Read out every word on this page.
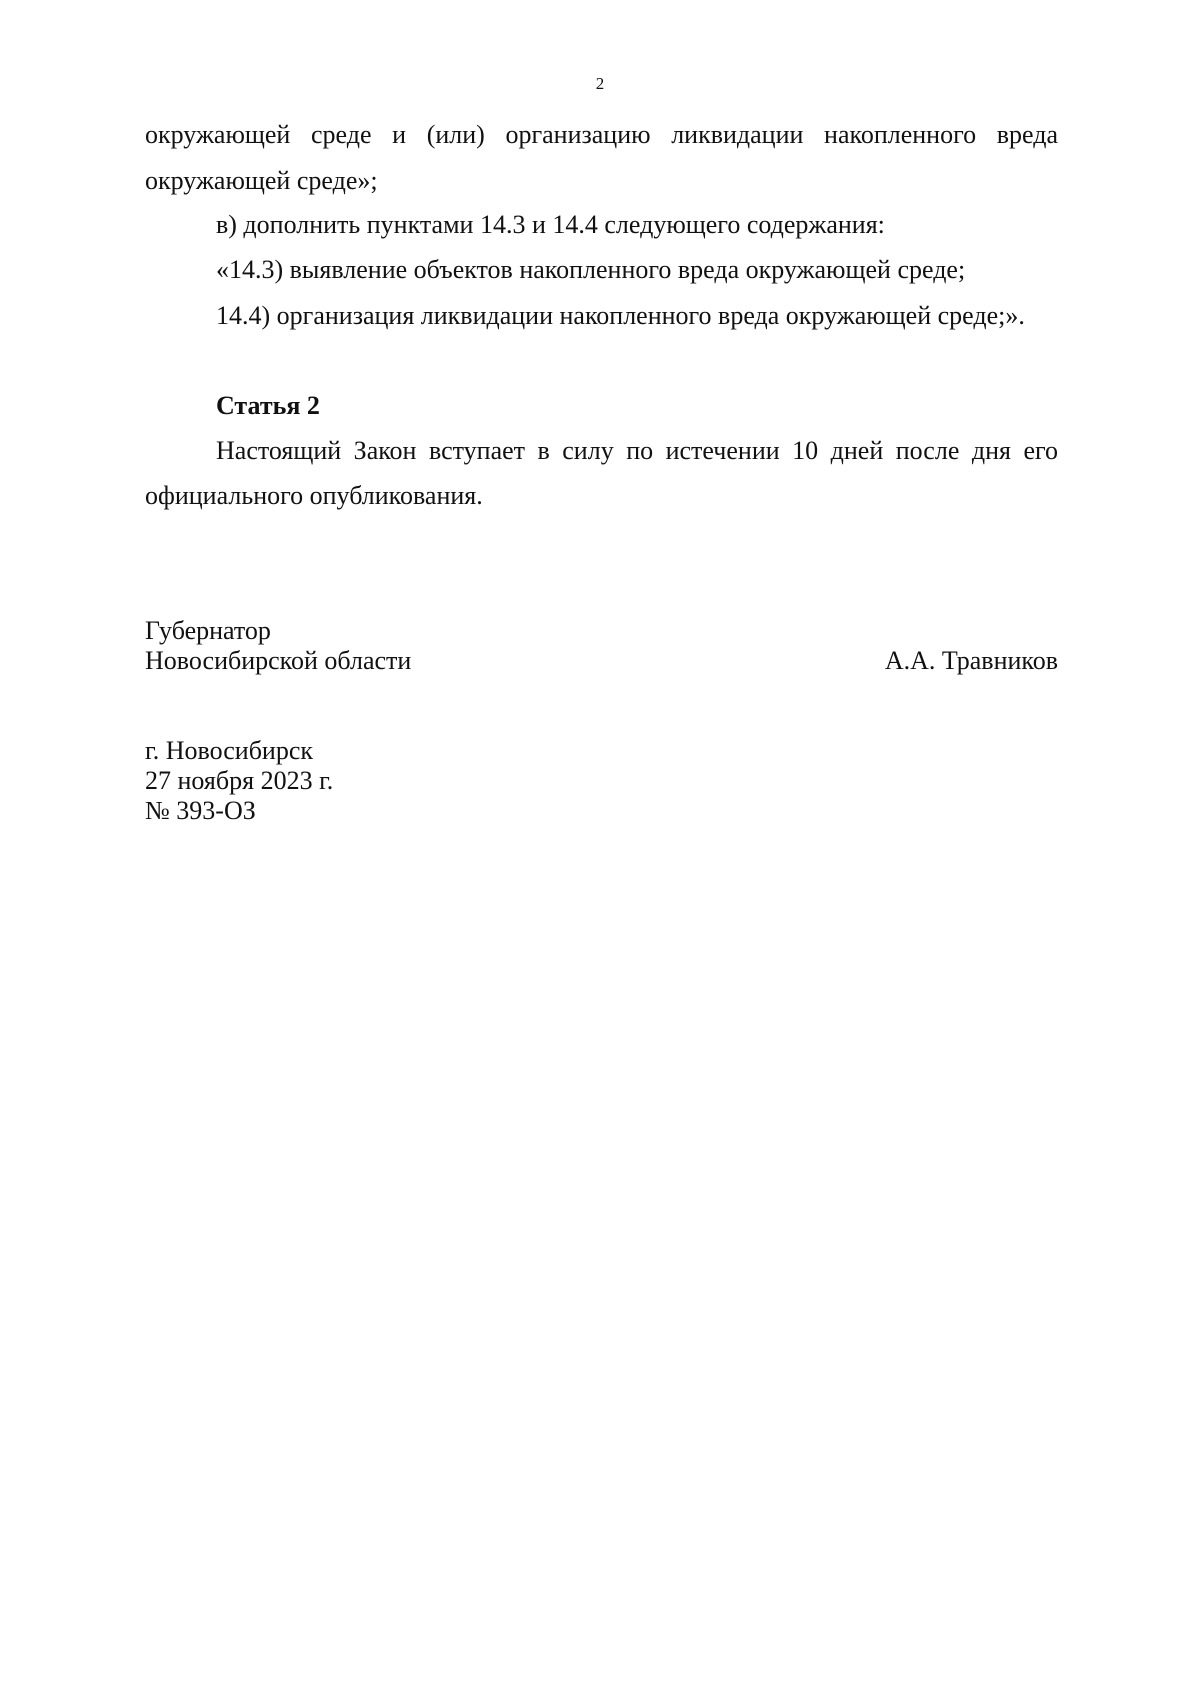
2
окружающей среде и (или) организацию ликвидации накопленного вреда
окружающей среде»;
в) дополнить пунктами 14.3 и 14.4 следующего содержания:
«14.3) выявление объектов накопленного вреда окружающей среде;
14.4) организация ликвидации накопленного вреда окружающей среде;».
Статья 2
Настоящий Закон вступает в силу по истечении 10 дней после дня его
официального опубликования.
Губернатор
Новосибирской области	А.А. Травников
г. Новосибирск
27 ноября 2023 г.
№ 393-ОЗ
